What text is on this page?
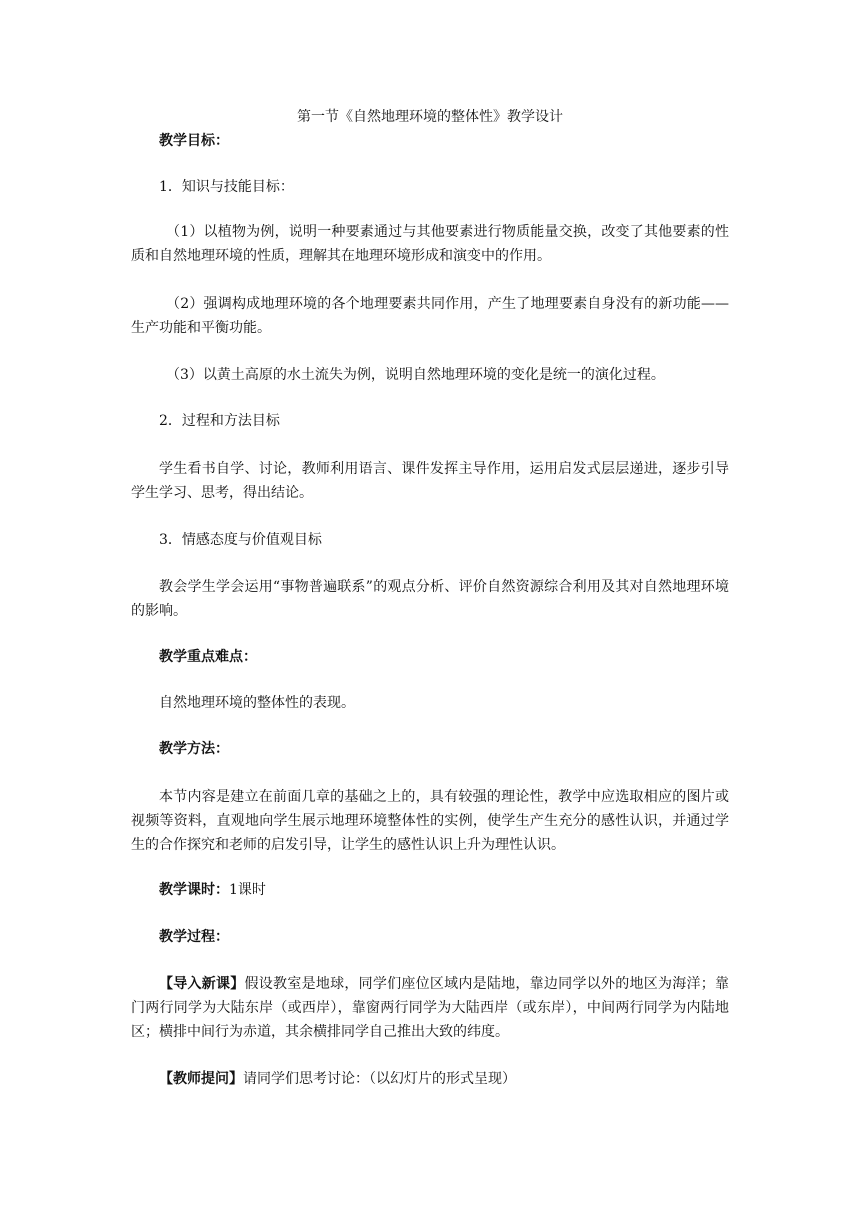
第一节《自然地理环境的整体性》教学设计

教学目标：

1．知识与技能目标：

（1）以植物为例，说明一种要素通过与其他要素进行物质能量交换，改变了其他要素的性质和自然地理环境的性质，理解其在地理环境形成和演变中的作用。

（2）强调构成地理环境的各个地理要素共同作用，产生了地理要素自身没有的新功能——生产功能和平衡功能。

（3）以黄土高原的水土流失为例，说明自然地理环境的变化是统一的演化过程。

2．过程和方法目标

学生看书自学、讨论，教师利用语言、课件发挥主导作用，运用启发式层层递进，逐步引导学生学习、思考，得出结论。

3．情感态度与价值观目标

教会学生学会运用“事物普遍联系”的观点分析、评价自然资源综合利用及其对自然地理环境的影响。

教学重点难点：

自然地理环境的整体性的表现。

教学方法：

本节内容是建立在前面几章的基础之上的，具有较强的理论性，教学中应选取相应的图片或视频等资料，直观地向学生展示地理环境整体性的实例，使学生产生充分的感性认识，并通过学生的合作探究和老师的启发引导，让学生的感性认识上升为理性认识。

教学课时：1课时

教学过程：

【导入新课】假设教室是地球，同学们座位区域内是陆地，靠边同学以外的地区为海洋；靠门两行同学为大陆东岸（或西岸），靠窗两行同学为大陆西岸（或东岸），中间两行同学为内陆地区；横排中间行为赤道，其余横排同学自己推出大致的纬度。

【教师提问】请同学们思考讨论：（以幻灯片的形式呈现）
